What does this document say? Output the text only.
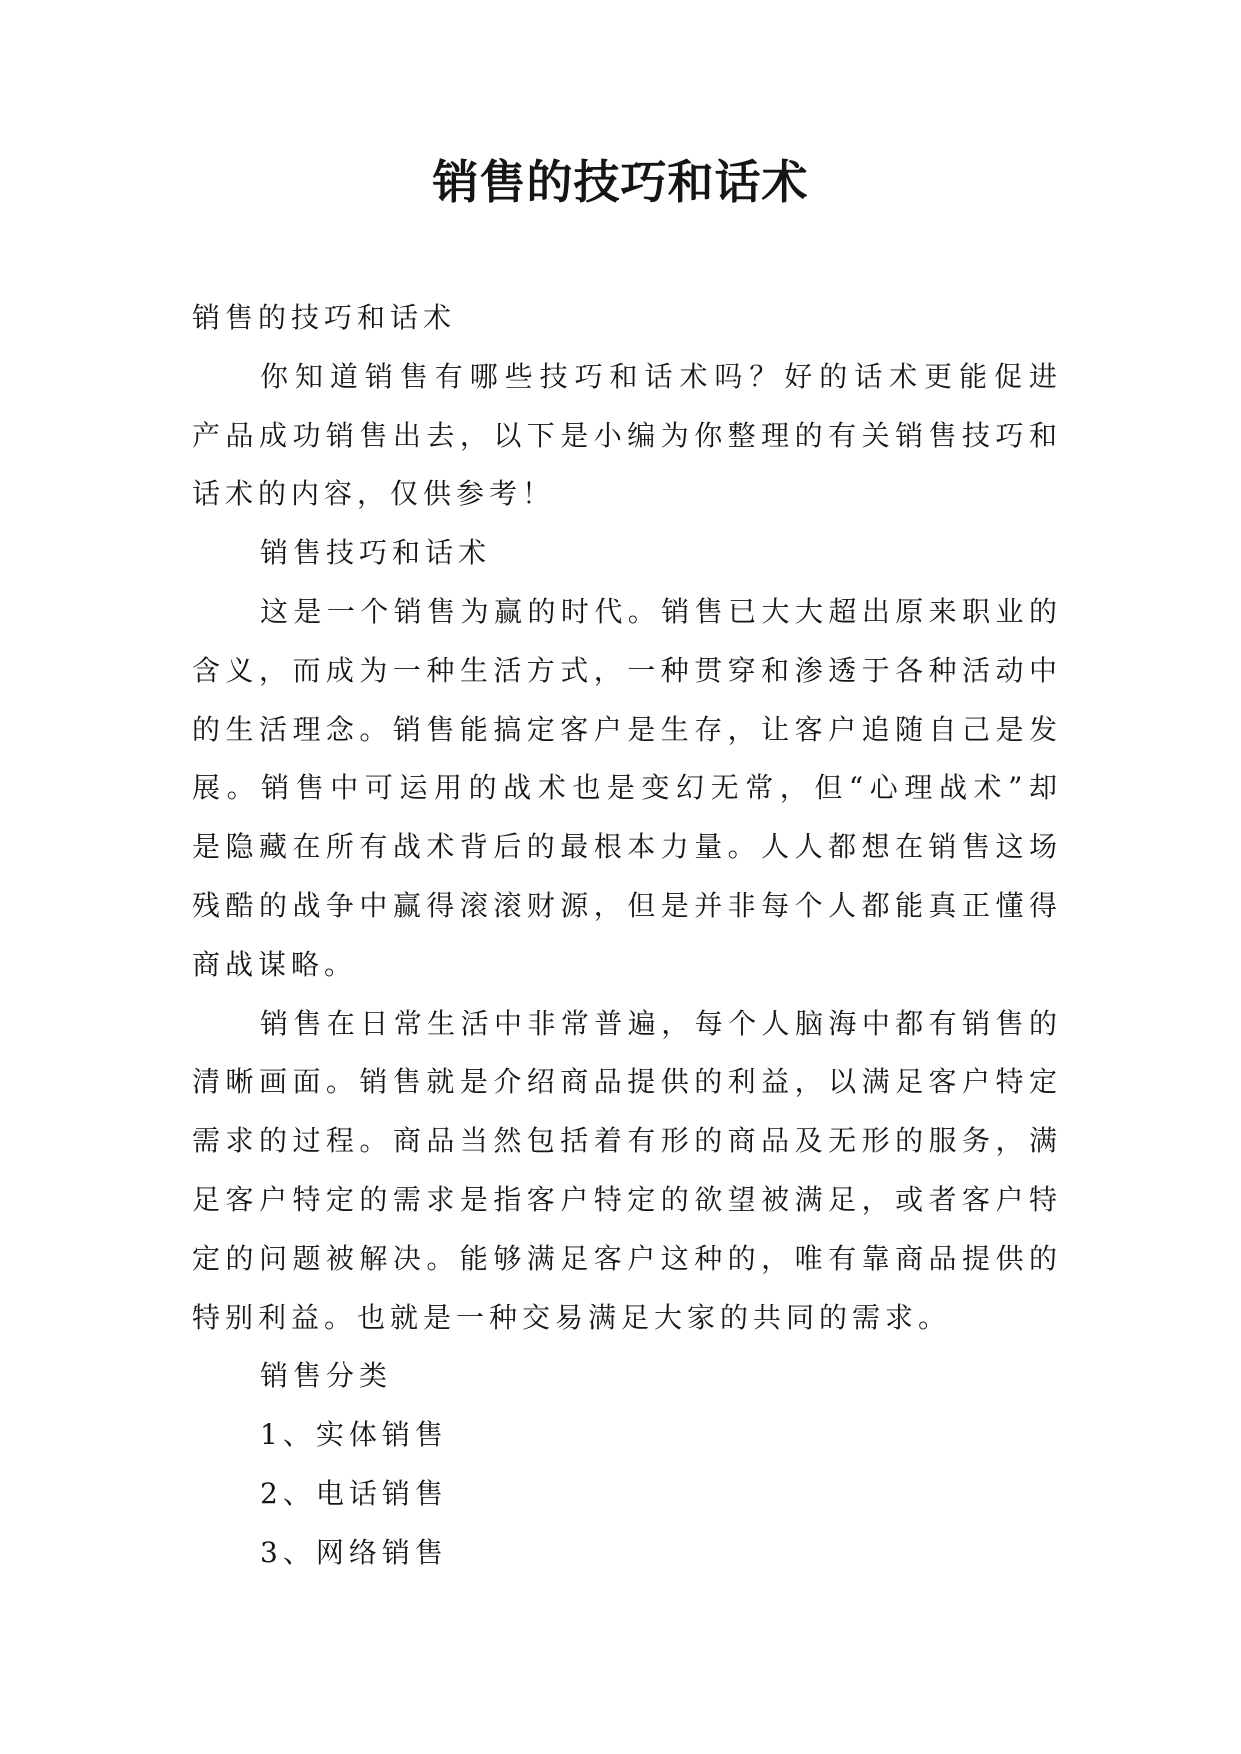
销售的技巧和话术
销售的技巧和话术
你知道销售有哪些技巧和话术吗？好的话术更能促进
产品成功销售出去，以下是小编为你整理的有关销售技巧和
话术的内容，仅供参考！
销售技巧和话术
这是一个销售为赢的时代。销售已大大超出原来职业的
含义，而成为一种生活方式，一种贯穿和渗透于各种活动中
的生活理念。销售能搞定客户是生存，让客户追随自己是发
展。销售中可运用的战术也是变幻无常，但“心理战术”却
是隐藏在所有战术背后的最根本力量。人人都想在销售这场
残酷的战争中赢得滚滚财源，但是并非每个人都能真正懂得
商战谋略。
销售在日常生活中非常普遍，每个人脑海中都有销售的
清晰画面。销售就是介绍商品提供的利益，以满足客户特定
需求的过程。商品当然包括着有形的商品及无形的服务，满
足客户特定的需求是指客户特定的欲望被满足，或者客户特
定的问题被解决。能够满足客户这种的，唯有靠商品提供的
特别利益。也就是一种交易满足大家的共同的需求。
销售分类
1、实体销售
2、电话销售
3、网络销售
